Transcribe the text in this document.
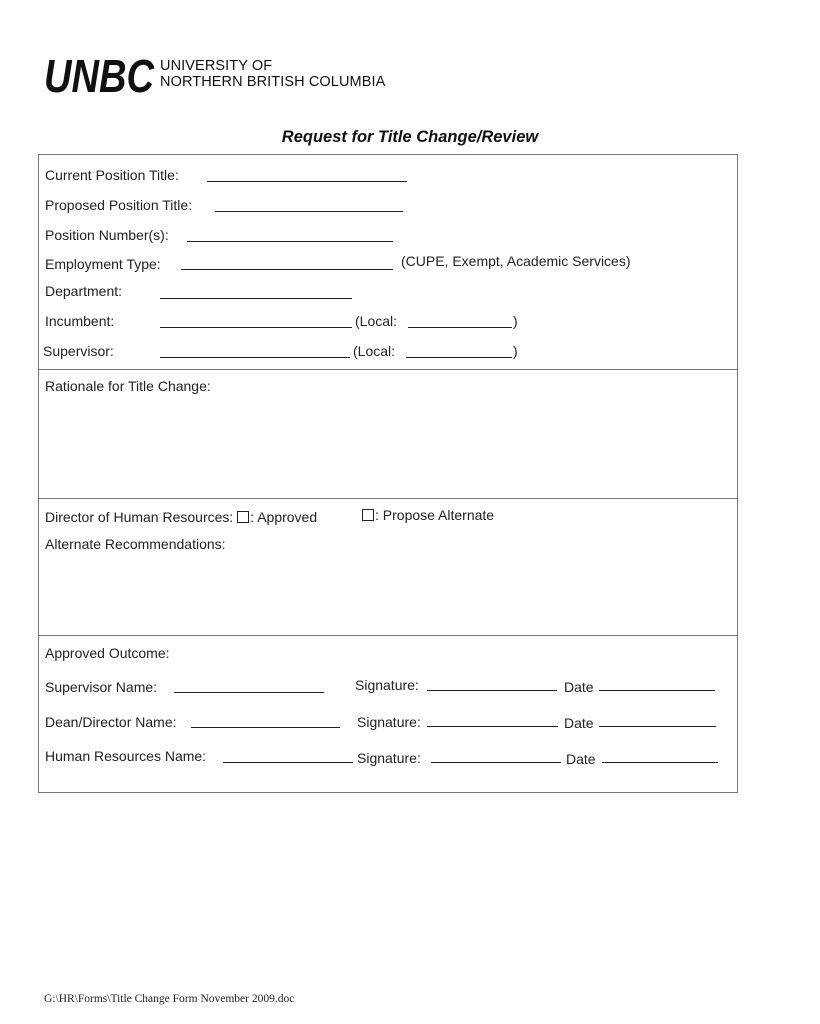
UNBC UNIVERSITY OF
NORTHERN BRITISH COLUMBIA
Request for Title Change/Review
Current Position Title:
Proposed Position Title:
Position Number(s):
Employment Type:	(CUPE, Exempt, Academic Services)
Department:
Incumbent:	(Local:	)
Supervisor:	(Local:	)
Rationale for Title Change:
Director of Human Resources: : Approved	: Propose Alternate
Alternate Recommendations:
Approved Outcome:
Supervisor Name:	Signature:	Date
Dean/Director Name:	Signature:	Date
Human Resources Name:	Signature:	Date
G:\HR\Forms\Title Change Form November 2009.doc
